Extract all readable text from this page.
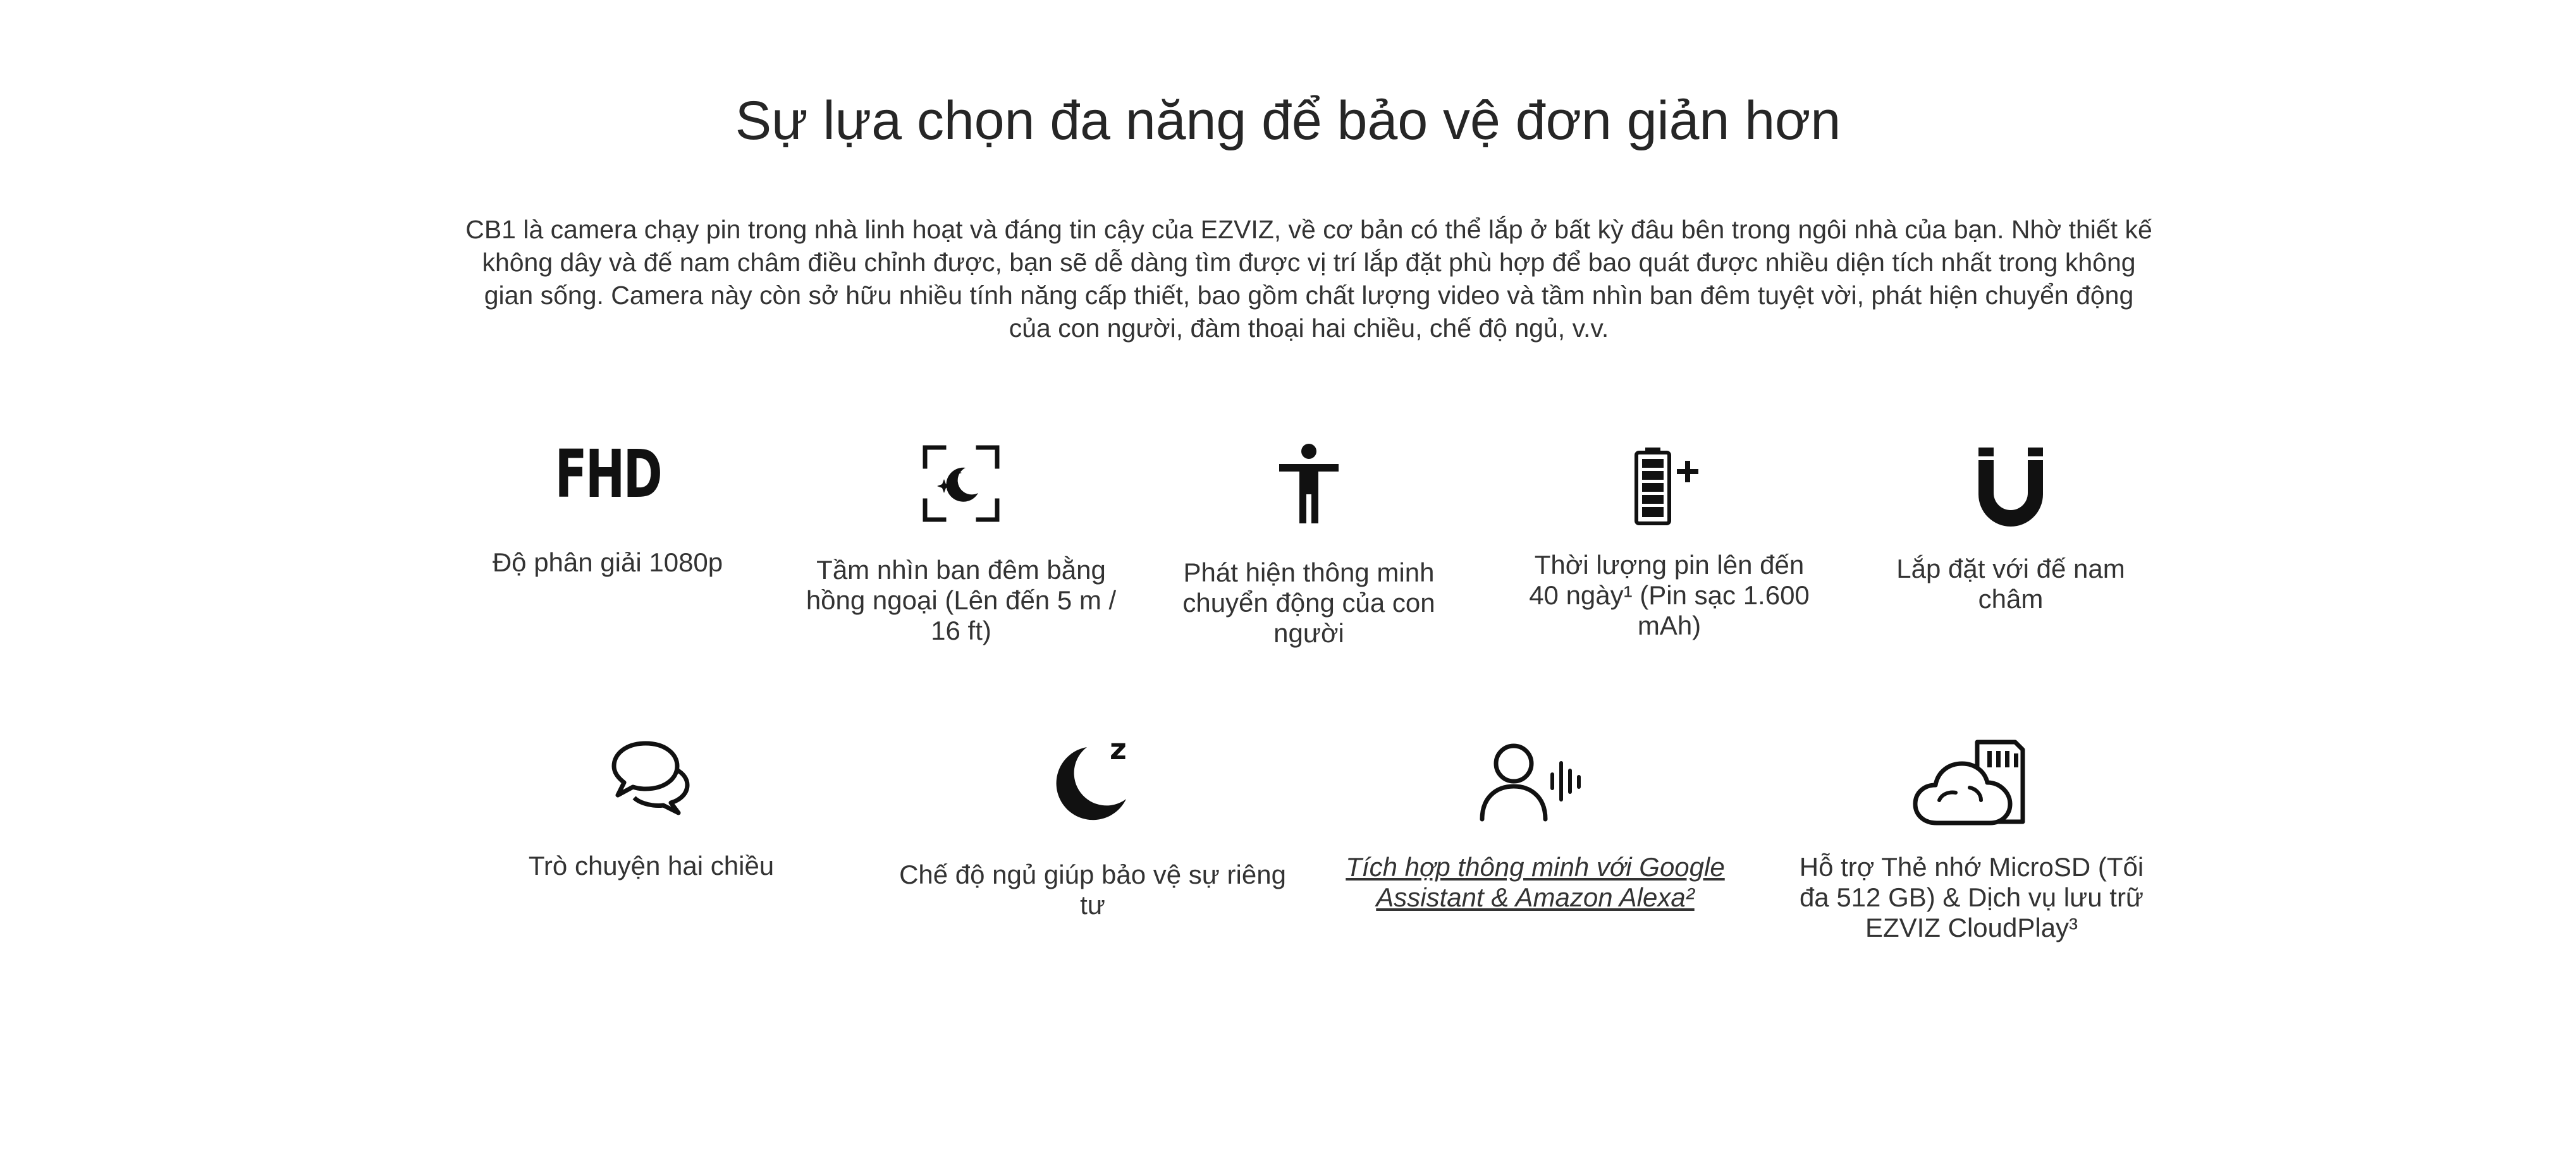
Sự lựa chọn đa năng để bảo vệ đơn giản hơn

CB1 là camera chạy pin trong nhà linh hoạt và đáng tin cậy của EZVIZ, về cơ bản có thể lắp ở bất kỳ đâu bên trong ngôi nhà của bạn. Nhờ thiết kế không dây và đế nam châm điều chỉnh được, bạn sẽ dễ dàng tìm được vị trí lắp đặt phù hợp để bao quát được nhiều diện tích nhất trong không gian sống. Camera này còn sở hữu nhiều tính năng cấp thiết, bao gồm chất lượng video và tầm nhìn ban đêm tuyệt vời, phát hiện chuyển động của con người, đàm thoại hai chiều, chế độ ngủ, v.v.

FHD
Độ phân giải 1080p	Tầm nhìn ban đêm bằng hồng ngoại (Lên đến 5 m / 16 ft)
Phát hiện thông minh chuyển động của con người
Thời lượng pin lên đến 40 ngày¹ (Pin sạc 1.600 mAh)
Lắp đặt với đế nam châm
Trò chuyện hai chiều
z
Chế độ ngủ giúp bảo vệ sự riêng tư
Tích hợp thông minh với Google Assistant & Amazon Alexa²
Hỗ trợ Thẻ nhớ MicroSD (Tối đa 512 GB) & Dịch vụ lưu trữ EZVIZ CloudPlay³
